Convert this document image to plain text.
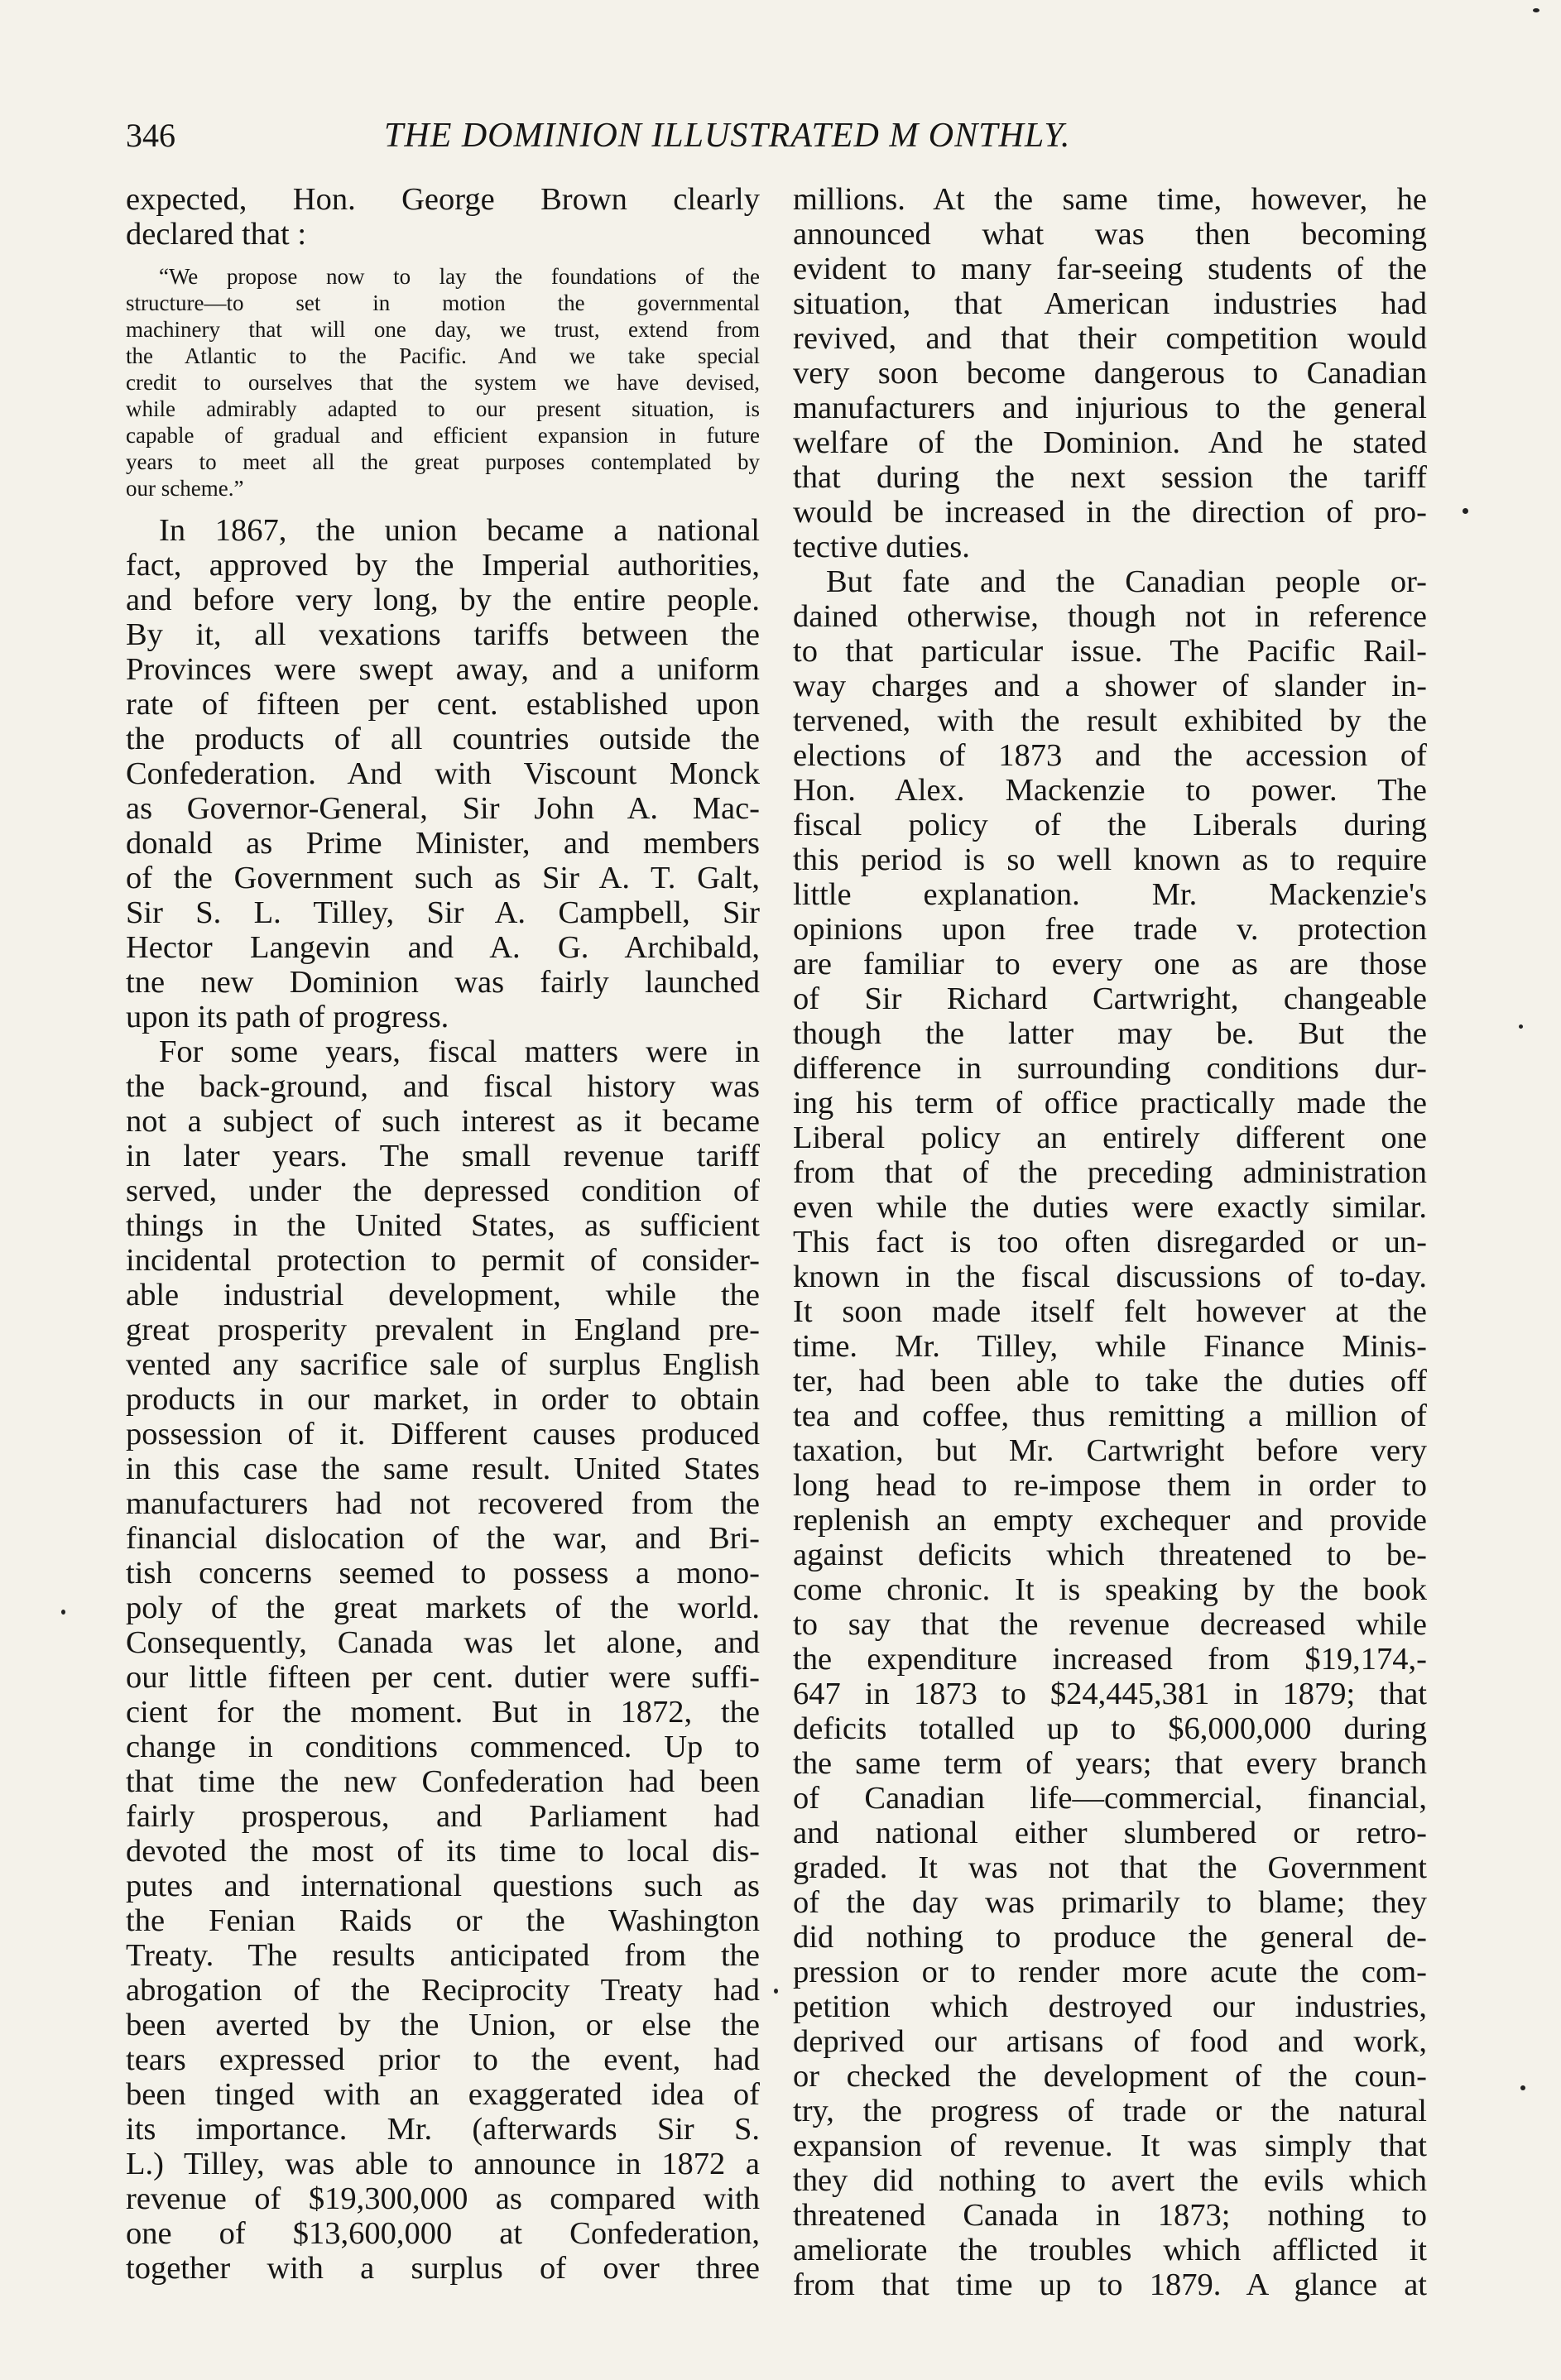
346	THE DOMINION ILLUSTRATED M ONTHLY.
expected, Hon. George Brown clearly
declared that :
“We propose now to lay the foundations of the
structure—to set in motion the governmental
machinery that will one day, we trust, extend from
the Atlantic to the Pacific. And we take special
credit to ourselves that the system we have devised,
while admirably adapted to our present situation, is
capable of gradual and efficient expansion in future
years to meet all the great purposes contemplated by
our scheme.”
In 1867, the union became a national
fact, approved by the Imperial authorities,
and before very long, by the entire people.
By it, all vexations tariffs between the
Provinces were swept away, and a uniform
rate of fifteen per cent. established upon
the products of all countries outside the
Confederation. And with Viscount Monck
as Governor-General, Sir John A. Mac-
donald as Prime Minister, and members
of the Government such as Sir A. T. Galt,
Sir S. L. Tilley, Sir A. Campbell, Sir
Hector Langevin and A. G. Archibald,
tne new Dominion was fairly launched
upon its path of progress.
For some years, fiscal matters were in
the back-ground, and fiscal history was
not a subject of such interest as it became
in later years. The small revenue tariff
served, under the depressed condition of
things in the United States, as sufficient
incidental protection to permit of consider-
able industrial development, while the
great prosperity prevalent in England pre-
vented any sacrifice sale of surplus English
products in our market, in order to obtain
possession of it. Different causes produced
in this case the same result. United States
manufacturers had not recovered from the
financial dislocation of the war, and Bri-
tish concerns seemed to possess a mono-
poly of the great markets of the world.
Consequently, Canada was let alone, and
our little fifteen per cent. dutier were suffi-
cient for the moment. But in 1872, the
change in conditions commenced. Up to
that time the new Confederation had been
fairly prosperous, and Parliament had
devoted the most of its time to local dis-
putes and international questions such as
the Fenian Raids or the Washington
Treaty. The results anticipated from the
abrogation of the Reciprocity Treaty had
been averted by the Union, or else the
tears expressed prior to the event, had
been tinged with an exaggerated idea of
its importance. Mr. (afterwards Sir S.
L.) Tilley, was able to announce in 1872 a
revenue of $19,300,000 as compared with
one of $13,600,000 at Confederation,
together with a surplus of over three
millions. At the same time, however, he
announced what was then becoming
evident to many far-seeing students of the
situation, that American industries had
revived, and that their competition would
very soon become dangerous to Canadian
manufacturers and injurious to the general
welfare of the Dominion. And he stated
that during the next session the tariff
would be increased in the direction of pro-
tective duties.
But fate and the Canadian people or-
dained otherwise, though not in reference
to that particular issue. The Pacific Rail-
way charges and a shower of slander in-
tervened, with the result exhibited by the
elections of 1873 and the accession of
Hon. Alex. Mackenzie to power. The
fiscal policy of the Liberals during
this period is so well known as to require
little explanation. Mr. Mackenzie's
opinions upon free trade v. protection
are familiar to every one as are those
of Sir Richard Cartwright, changeable
though the latter may be. But the
difference in surrounding conditions dur-
ing his term of office practically made the
Liberal policy an entirely different one
from that of the preceding administration
even while the duties were exactly similar.
This fact is too often disregarded or un-
known in the fiscal discussions of to-day.
It soon made itself felt however at the
time. Mr. Tilley, while Finance Minis-
ter, had been able to take the duties off
tea and coffee, thus remitting a million of
taxation, but Mr. Cartwright before very
long head to re-impose them in order to
replenish an empty exchequer and provide
against deficits which threatened to be-
come chronic. It is speaking by the book
to say that the revenue decreased while
the expenditure increased from $19,174,-
647 in 1873 to $24,445,381 in 1879; that
deficits totalled up to $6,000,000 during
the same term of years; that every branch
of Canadian life—commercial, financial,
and national either slumbered or retro-
graded. It was not that the Government
of the day was primarily to blame; they
did nothing to produce the general de-
pression or to render more acute the com-
petition which destroyed our industries,
deprived our artisans of food and work,
or checked the development of the coun-
try, the progress of trade or the natural
expansion of revenue. It was simply that
they did nothing to avert the evils which
threatened Canada in 1873; nothing to
ameliorate the troubles which afflicted it
from that time up to 1879. A glance at
